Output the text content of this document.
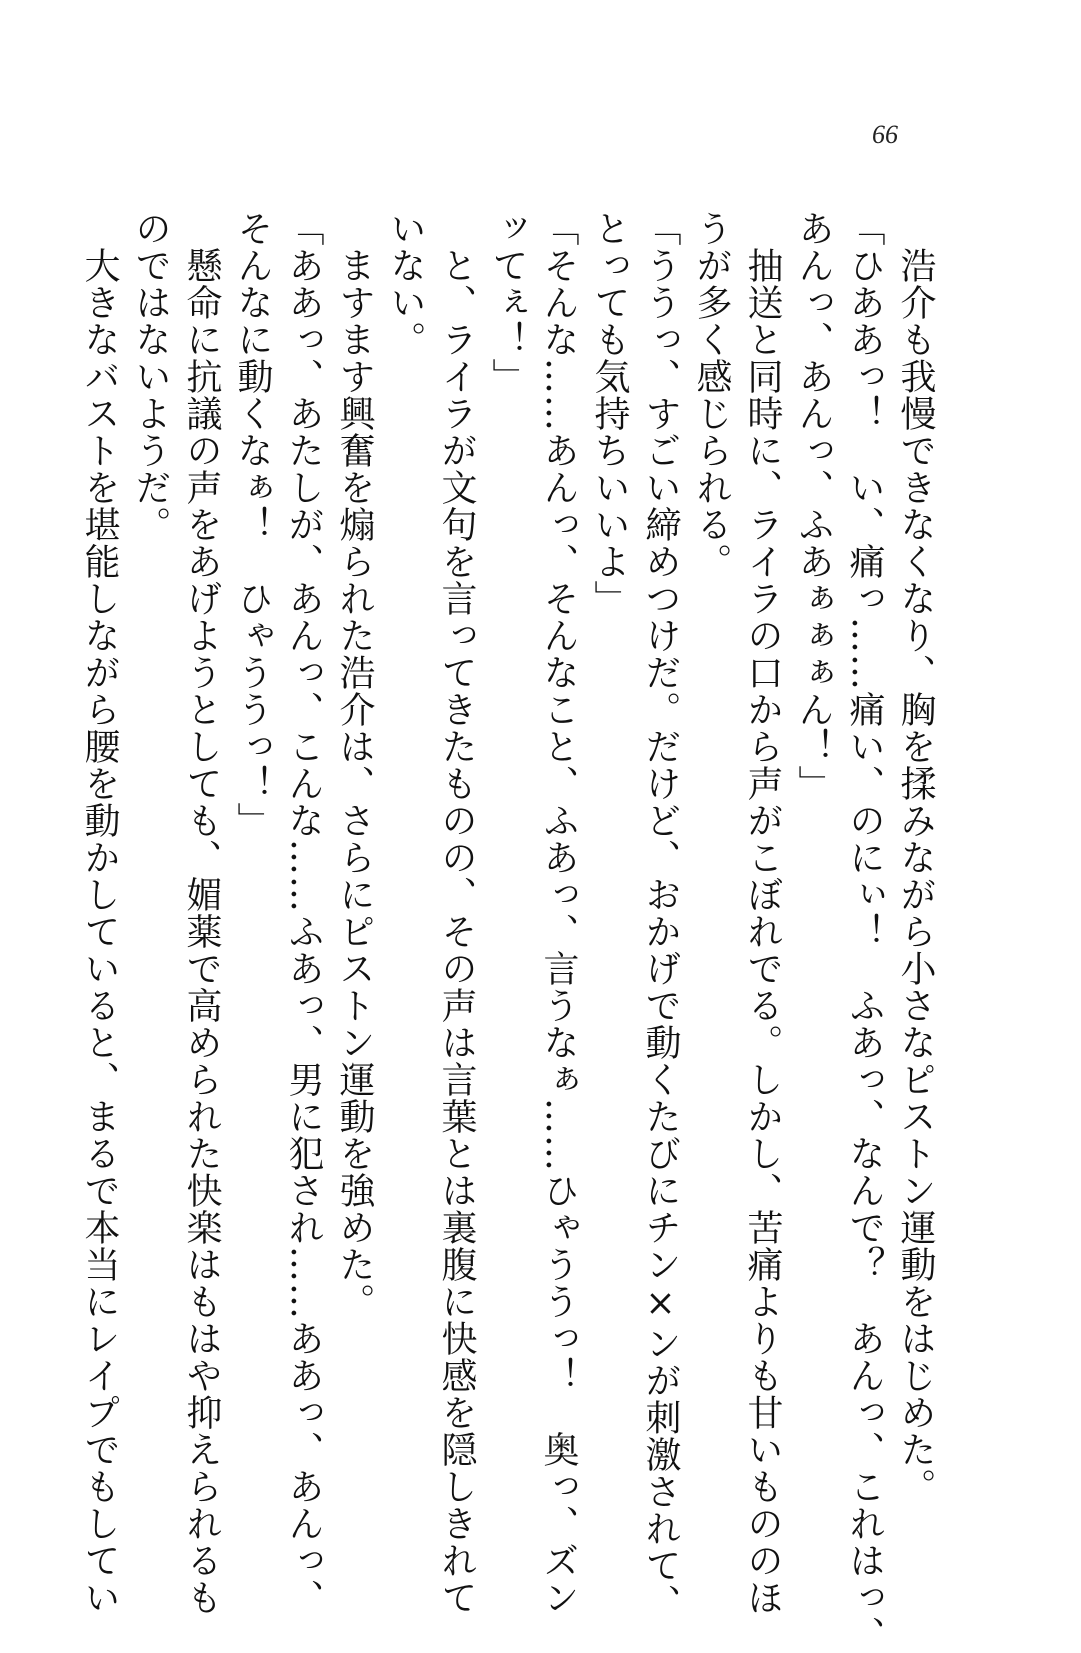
66
　浩介も我慢できなくなり、胸を揉みながら小さなピストン運動をはじめた。
「ひああっ！　い、痛っ……痛い、のにぃ！　ふあっ、なんで？　あんっ、これはっ、
あんっ、あんっ、ふあぁぁぁん！」
　抽送と同時に、ライラの口から声がこぼれでる。しかし、苦痛よりも甘いもののほ
うが多く感じられる。
「ううっ、すごい締めつけだ。だけど、おかげで動くたびにチン×ンが刺激されて、
とっても気持ちいいよ」
「そんな……あんっ、そんなこと、ふあっ、言うなぁ……ひゃううっ！　奥っ、ズン
ッてぇ！」
　と、ライラが文句を言ってきたものの、その声は言葉とは裏腹に快感を隠しきれて
いない。
　ますます興奮を煽られた浩介は、さらにピストン運動を強めた。
「ああっ、あたしが、あんっ、こんな……ふあっ、男に犯され……ああっ、あんっ、
そんなに動くなぁ！　ひゃううっ！」
　懸命に抗議の声をあげようとしても、媚薬で高められた快楽はもはや抑えられるも
のではないようだ。
　大きなバストを堪能しながら腰を動かしていると、まるで本当にレイプでもしてい
